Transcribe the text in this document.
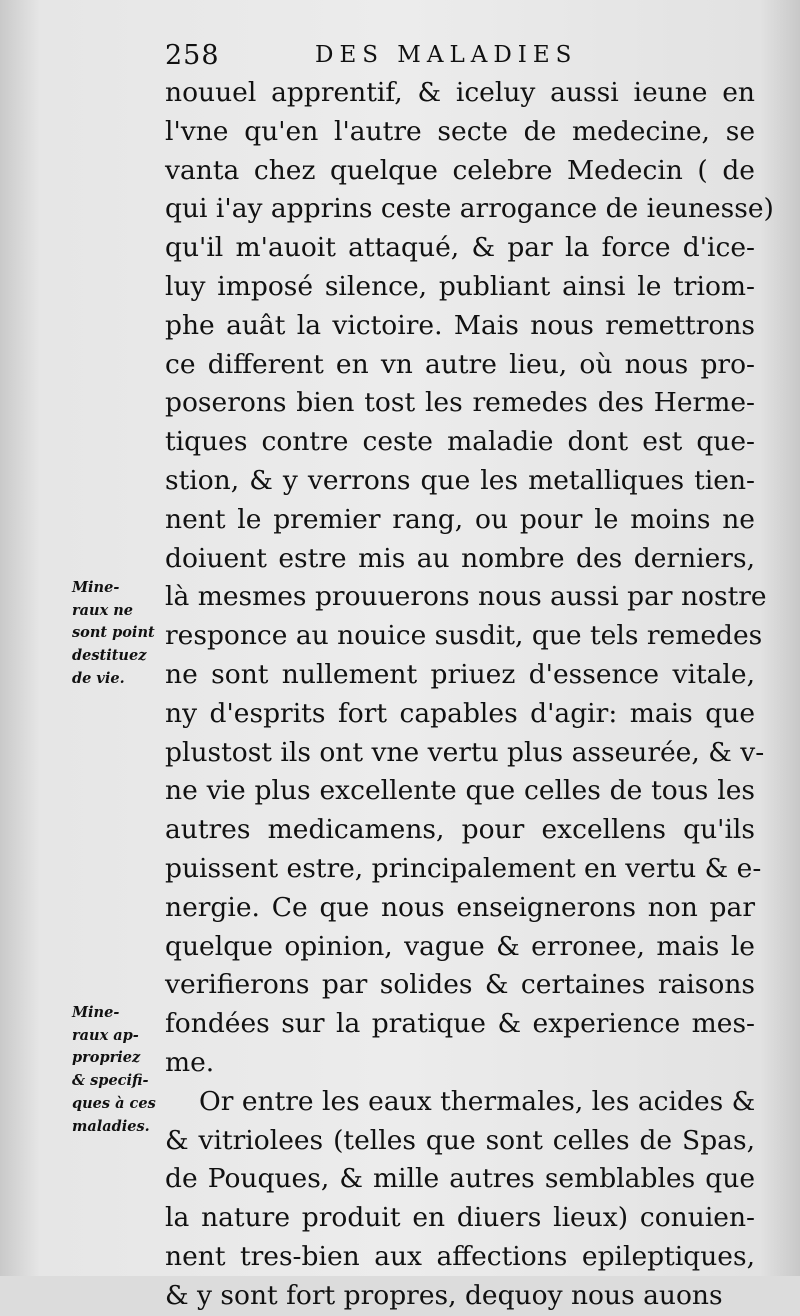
258	DES MALADIES
nouuel apprentif, & iceluy aussi ieune en
l'vne qu'en l'autre secte de medecine, se
vanta chez quelque celebre Medecin ( de
qui i'ay apprins ceste arrogance de ieunesse)
qu'il m'auoit attaqué, & par la force d'ice-
luy imposé silence, publiant ainsi le triom-
phe auât la victoire. Mais nous remettrons
ce different en vn autre lieu, où nous pro-
poserons bien tost les remedes des Herme-
tiques contre ceste maladie dont est que-
stion, & y verrons que les metalliques tien-
nent le premier rang, ou pour le moins ne
doiuent estre mis au nombre des derniers,
là mesmes prouuerons nous aussi par nostre
responce au nouice susdit, que tels remedes
ne sont nullement priuez d'essence vitale,
ny d'esprits fort capables d'agir: mais que
plustost ils ont vne vertu plus asseurée, & v-
ne vie plus excellente que celles de tous les
autres medicamens, pour excellens qu'ils
puissent estre, principalement en vertu & e-
nergie. Ce que nous enseignerons non par
quelque opinion, vague & erronee, mais le
verifierons par solides & certaines raisons
fondées sur la pratique & experience mes-
me.
Or entre les eaux thermales, les acides &
& vitriolees (telles que sont celles de Spas,
de Pouques, & mille autres semblables que
la nature produit en diuers lieux) conuien-
nent tres-bien aux affections epileptiques,
& y sont fort propres, dequoy nous auons
Mine-
raux ne
sont point
destituez
de vie.
Mine-
raux ap-
propriez
& specifi-
ques à ces
maladies.
